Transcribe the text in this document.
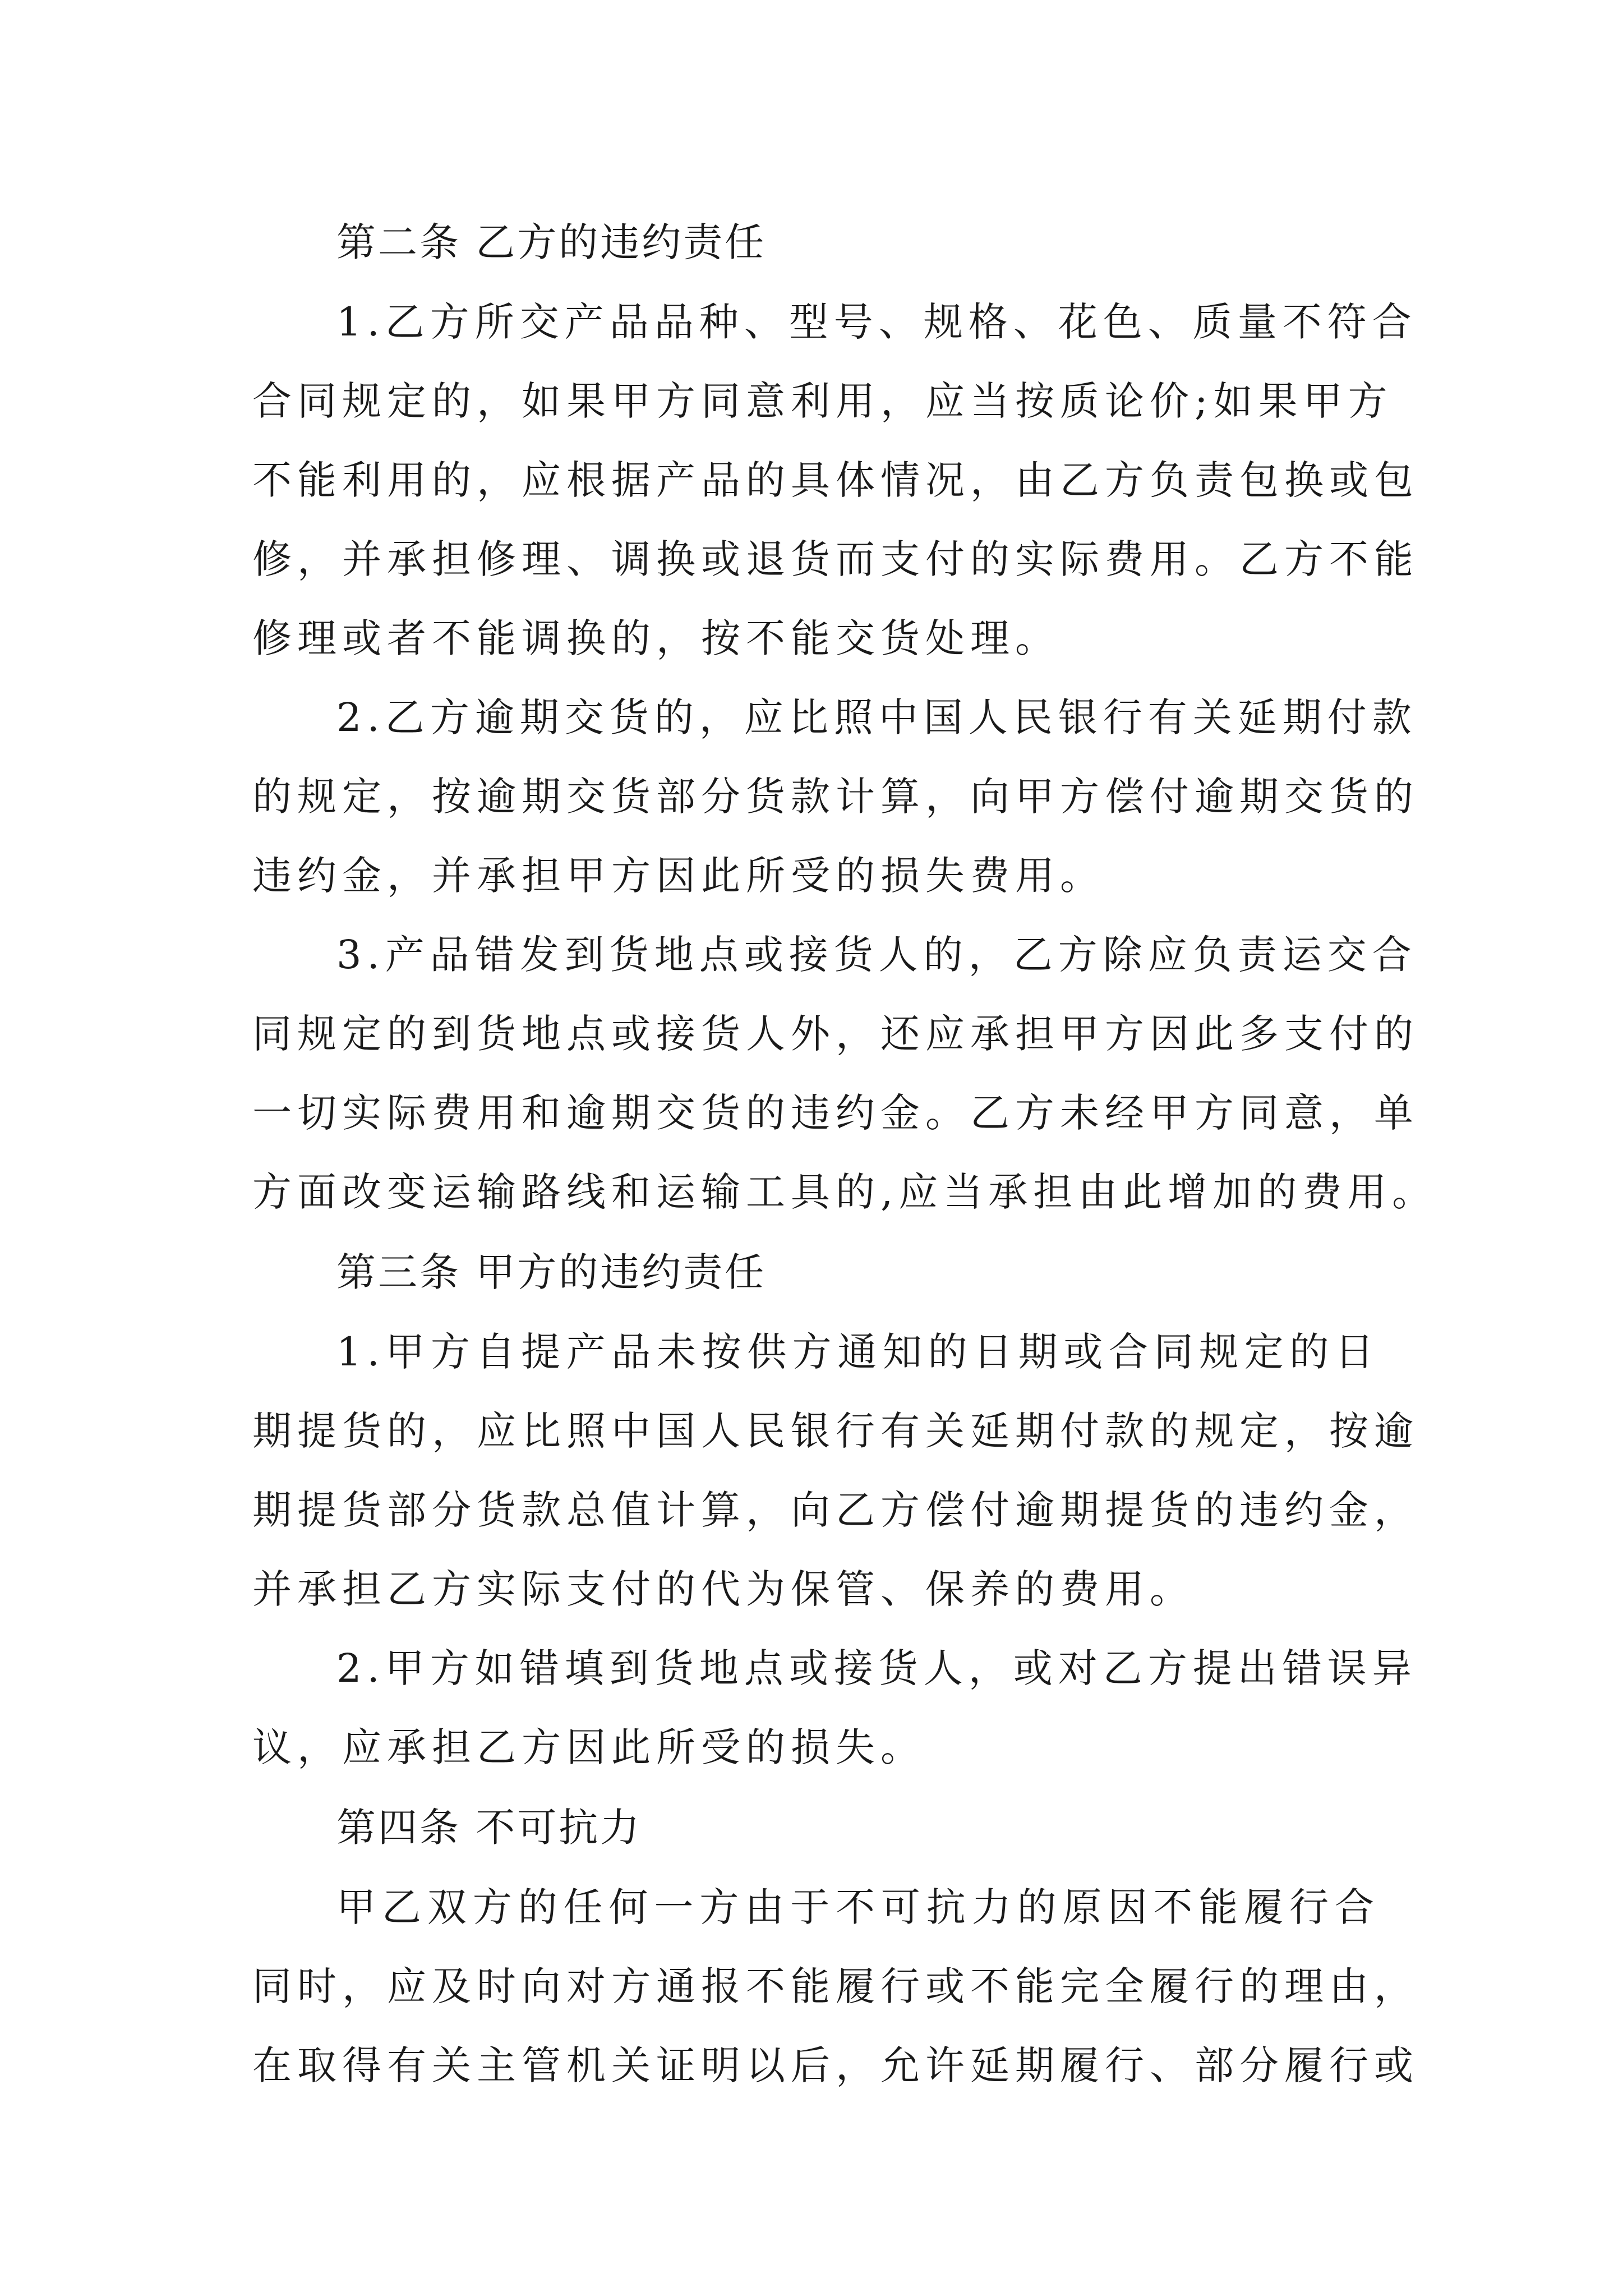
第二条 乙方的违约责任

1.乙方所交产品品种、型号、规格、花色、质量不符合
合同规定的，如果甲方同意利用，应当按质论价;如果甲方
不能利用的，应根据产品的具体情况，由乙方负责包换或包
修，并承担修理、调换或退货而支付的实际费用。乙方不能
修理或者不能调换的，按不能交货处理。
2.乙方逾期交货的，应比照中国人民银行有关延期付款
的规定，按逾期交货部分货款计算，向甲方偿付逾期交货的
违约金，并承担甲方因此所受的损失费用。
3.产品错发到货地点或接货人的，乙方除应负责运交合
同规定的到货地点或接货人外，还应承担甲方因此多支付的
一切实际费用和逾期交货的违约金。乙方未经甲方同意，单
方面改变运输路线和运输工具的,应当承担由此增加的费用。

第三条 甲方的违约责任

1.甲方自提产品未按供方通知的日期或合同规定的日
期提货的，应比照中国人民银行有关延期付款的规定，按逾
期提货部分货款总值计算，向乙方偿付逾期提货的违约金，
并承担乙方实际支付的代为保管、保养的费用。
2.甲方如错填到货地点或接货人，或对乙方提出错误异
议，应承担乙方因此所受的损失。

第四条 不可抗力

甲乙双方的任何一方由于不可抗力的原因不能履行合
同时，应及时向对方通报不能履行或不能完全履行的理由，
在取得有关主管机关证明以后，允许延期履行、部分履行或
